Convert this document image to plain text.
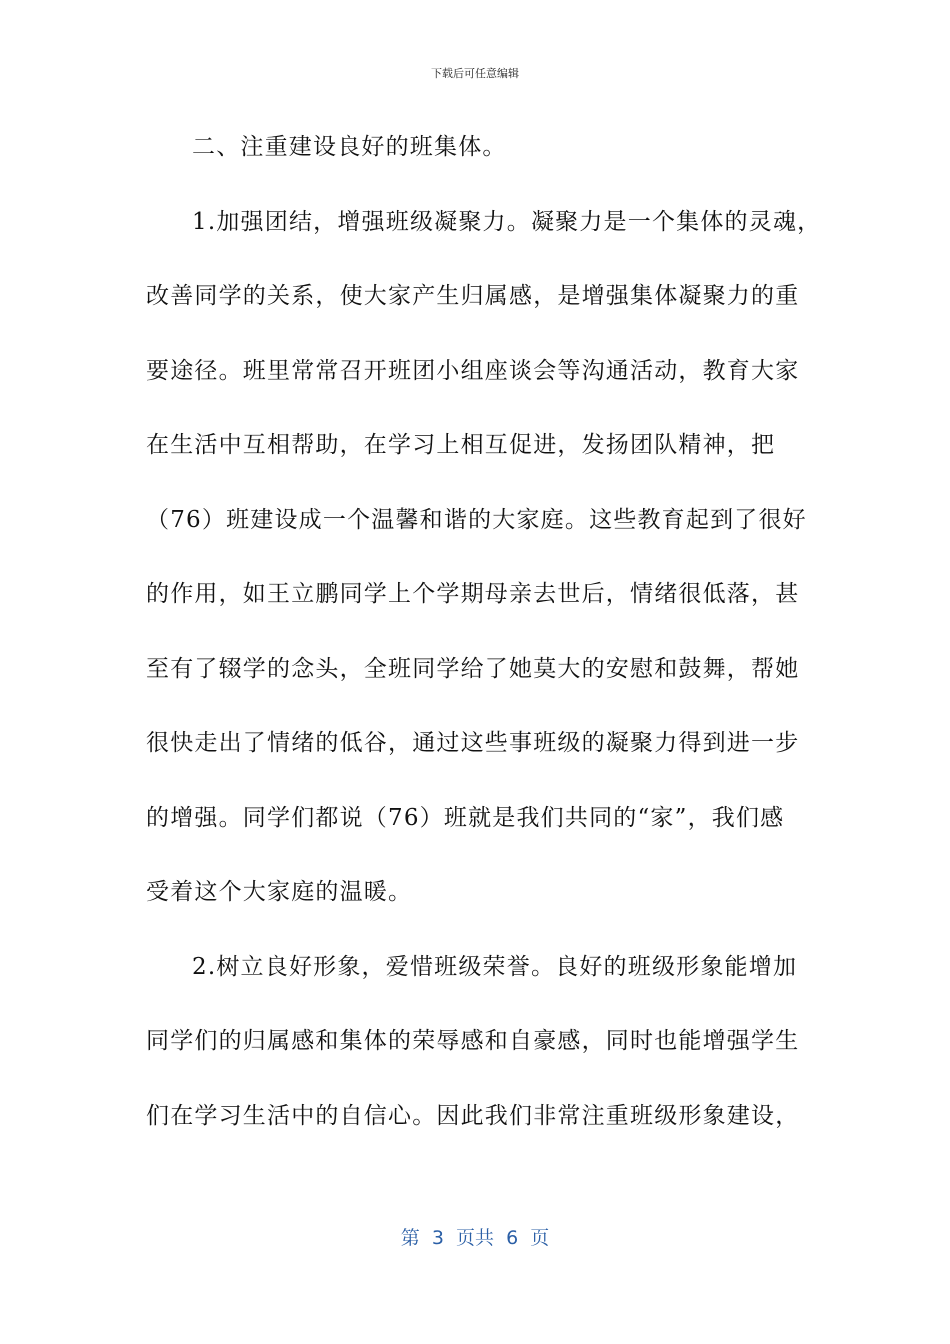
下载后可任意编辑
二、注重建设良好的班集体。
1.加强团结，增强班级凝聚力。凝聚力是一个集体的灵魂，
改善同学的关系，使大家产生归属感，是增强集体凝聚力的重
要途径。班里常常召开班团小组座谈会等沟通活动，教育大家
在生活中互相帮助，在学习上相互促进，发扬团队精神，把
（76）班建设成一个温馨和谐的大家庭。这些教育起到了很好
的作用，如王立鹏同学上个学期母亲去世后，情绪很低落，甚
至有了辍学的念头，全班同学给了她莫大的安慰和鼓舞，帮她
很快走出了情绪的低谷，通过这些事班级的凝聚力得到进一步
的增强。同学们都说（76）班就是我们共同的“家”，我们感
受着这个大家庭的温暖。
2.树立良好形象，爱惜班级荣誉。良好的班级形象能增加
同学们的归属感和集体的荣辱感和自豪感，同时也能增强学生
们在学习生活中的自信心。因此我们非常注重班级形象建设，
第  3  页共  6  页
